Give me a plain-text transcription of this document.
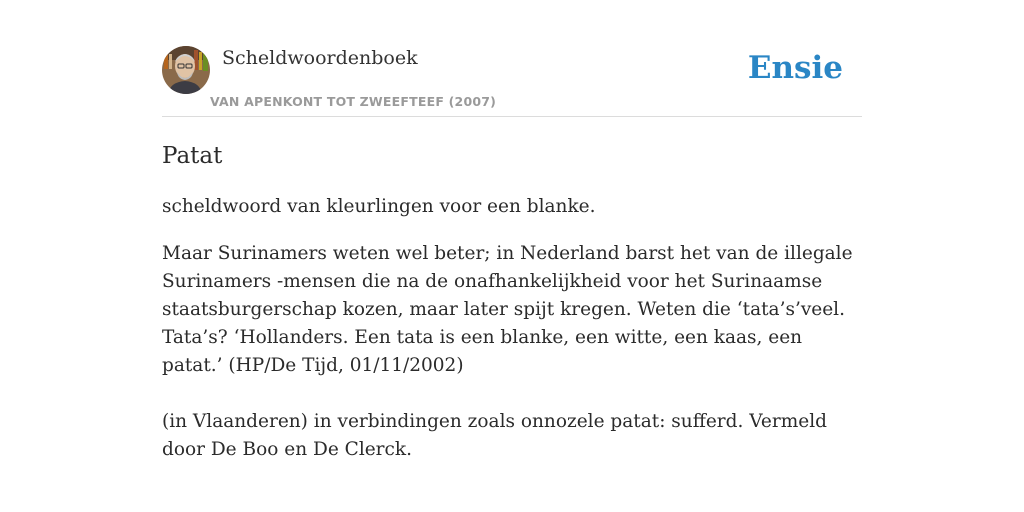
Scheldwoordenboek
VAN APENKONT TOT ZWEEFTEEF (2007)
Ensie
Patat

scheldwoord van kleurlingen voor een blanke.

Maar Surinamers weten wel beter; in Nederland barst het van de illegale Surinamers -mensen die na de onafhankelijkheid voor het Surinaamse staatsburgerschap kozen, maar later spijt kregen. Weten die ‘tata’s’veel. Tata’s? ‘Hollanders. Een tata is een blanke, een witte, een kaas, een patat.’ (HP/De Tijd, 01/11/2002)

(in Vlaanderen) in verbindingen zoals onnozele patat: sufferd. Vermeld door De Boo en De Clerck.
